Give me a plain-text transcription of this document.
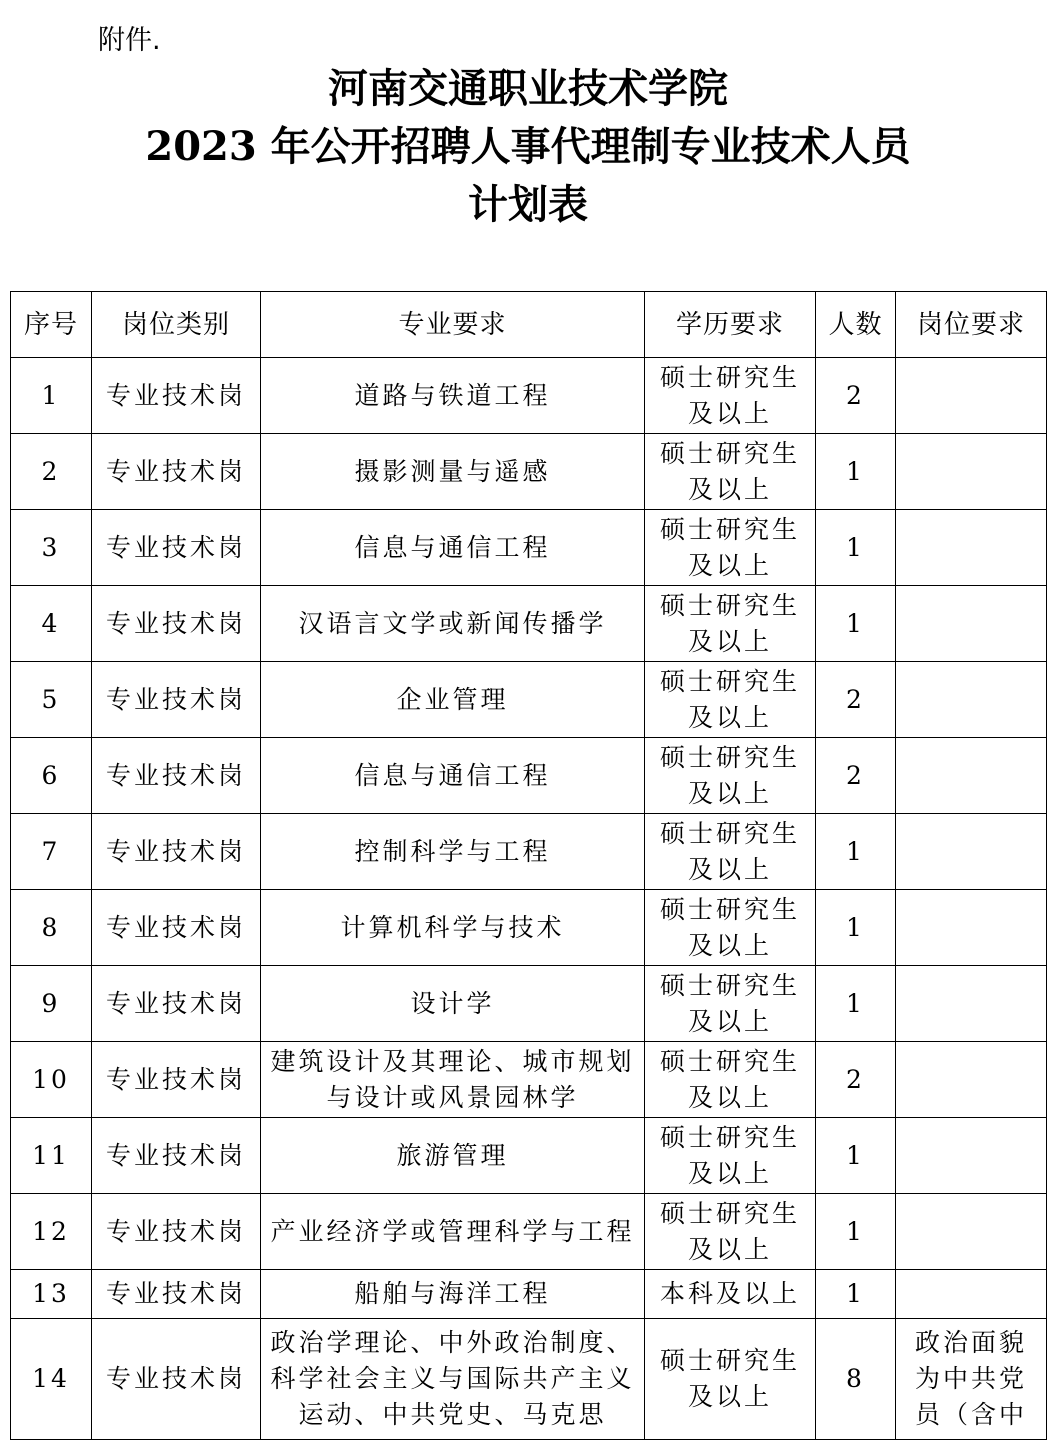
附件.
河南交通职业技术学院
2023 年公开招聘人事代理制专业技术人员
计划表
序号	岗位类别	专业要求	学历要求	人数	岗位要求
1	专业技术岗	道路与铁道工程	硕士研究生及以上	2	
2	专业技术岗	摄影测量与遥感	硕士研究生及以上	1	
3	专业技术岗	信息与通信工程	硕士研究生及以上	1	
4	专业技术岗	汉语言文学或新闻传播学	硕士研究生及以上	1	
5	专业技术岗	企业管理	硕士研究生及以上	2	
6	专业技术岗	信息与通信工程	硕士研究生及以上	2	
7	专业技术岗	控制科学与工程	硕士研究生及以上	1	
8	专业技术岗	计算机科学与技术	硕士研究生及以上	1	
9	专业技术岗	设计学	硕士研究生及以上	1	
10	专业技术岗	建筑设计及其理论、城市规划与设计或风景园林学	硕士研究生及以上	2	
11	专业技术岗	旅游管理	硕士研究生及以上	1	
12	专业技术岗	产业经济学或管理科学与工程	硕士研究生及以上	1	
13	专业技术岗	船舶与海洋工程	本科及以上	1	
14	专业技术岗	政治学理论、中外政治制度、科学社会主义与国际共产主义运动、中共党史、马克思	硕士研究生及以上	8	政治面貌为中共党员（含中
